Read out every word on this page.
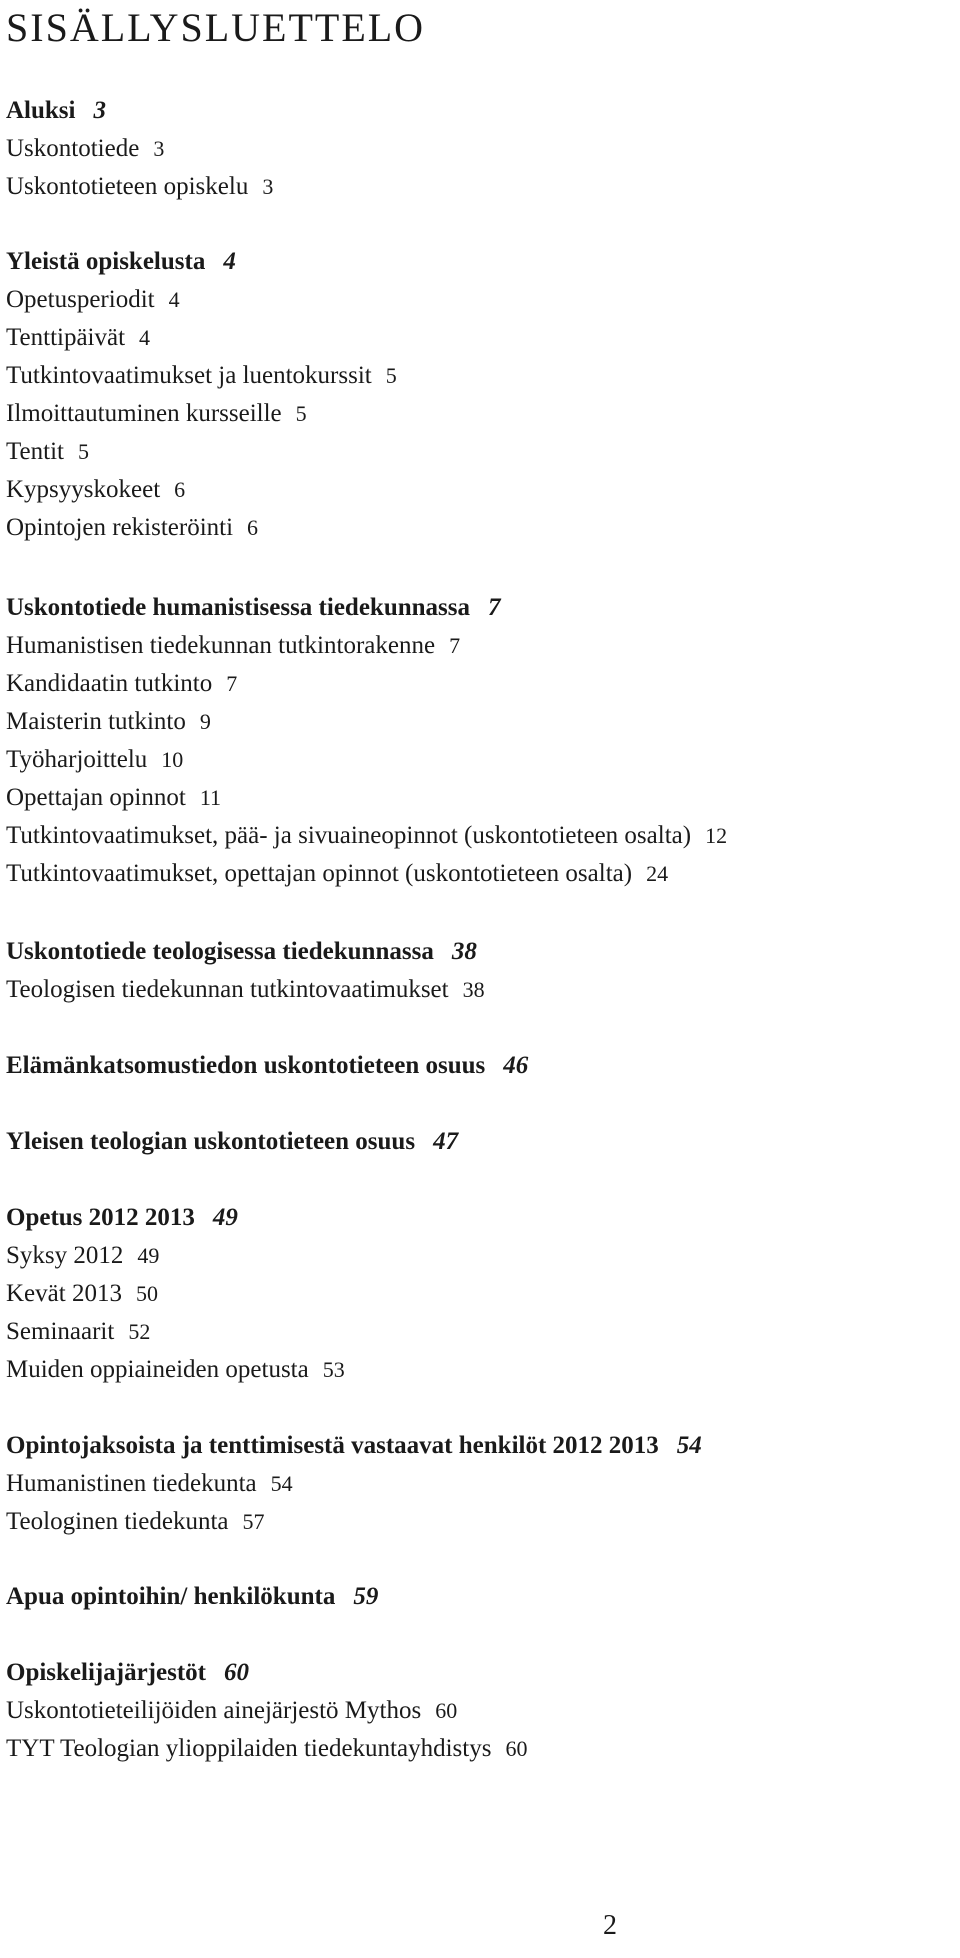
SISÄLLYSLUETTELO
Aluksi 3
Uskontotiede 3
Uskontotieteen opiskelu 3
Yleistä opiskelusta 4
Opetusperiodit 4
Tenttipäivät 4
Tutkintovaatimukset ja luentokurssit 5
Ilmoittautuminen kursseille 5
Tentit 5
Kypsyyskokeet 6
Opintojen rekisteröinti 6
Uskontotiede humanistisessa tiedekunnassa 7
Humanistisen tiedekunnan tutkintorakenne 7
Kandidaatin tutkinto 7
Maisterin tutkinto 9
Työharjoittelu 10
Opettajan opinnot 11
Tutkintovaatimukset, pää- ja sivuaineopinnot (uskontotieteen osalta) 12
Tutkintovaatimukset, opettajan opinnot (uskontotieteen osalta) 24
Uskontotiede teologisessa tiedekunnassa 38
Teologisen tiedekunnan tutkintovaatimukset 38
Elämänkatsomustiedon uskontotieteen osuus 46
Yleisen teologian uskontotieteen osuus 47
Opetus 2012 2013 49
Syksy 2012 49
Kevät 2013 50
Seminaarit 52
Muiden oppiaineiden opetusta 53
Opintojaksoista ja tenttimisestä vastaavat henkilöt 2012 2013 54
Humanistinen tiedekunta 54
Teologinen tiedekunta 57
Apua opintoihin/ henkilökunta 59
Opiskelijajärjestöt 60
Uskontotieteilijöiden ainejärjestö Mythos 60
TYT Teologian ylioppilaiden tiedekuntayhdistys 60
2
